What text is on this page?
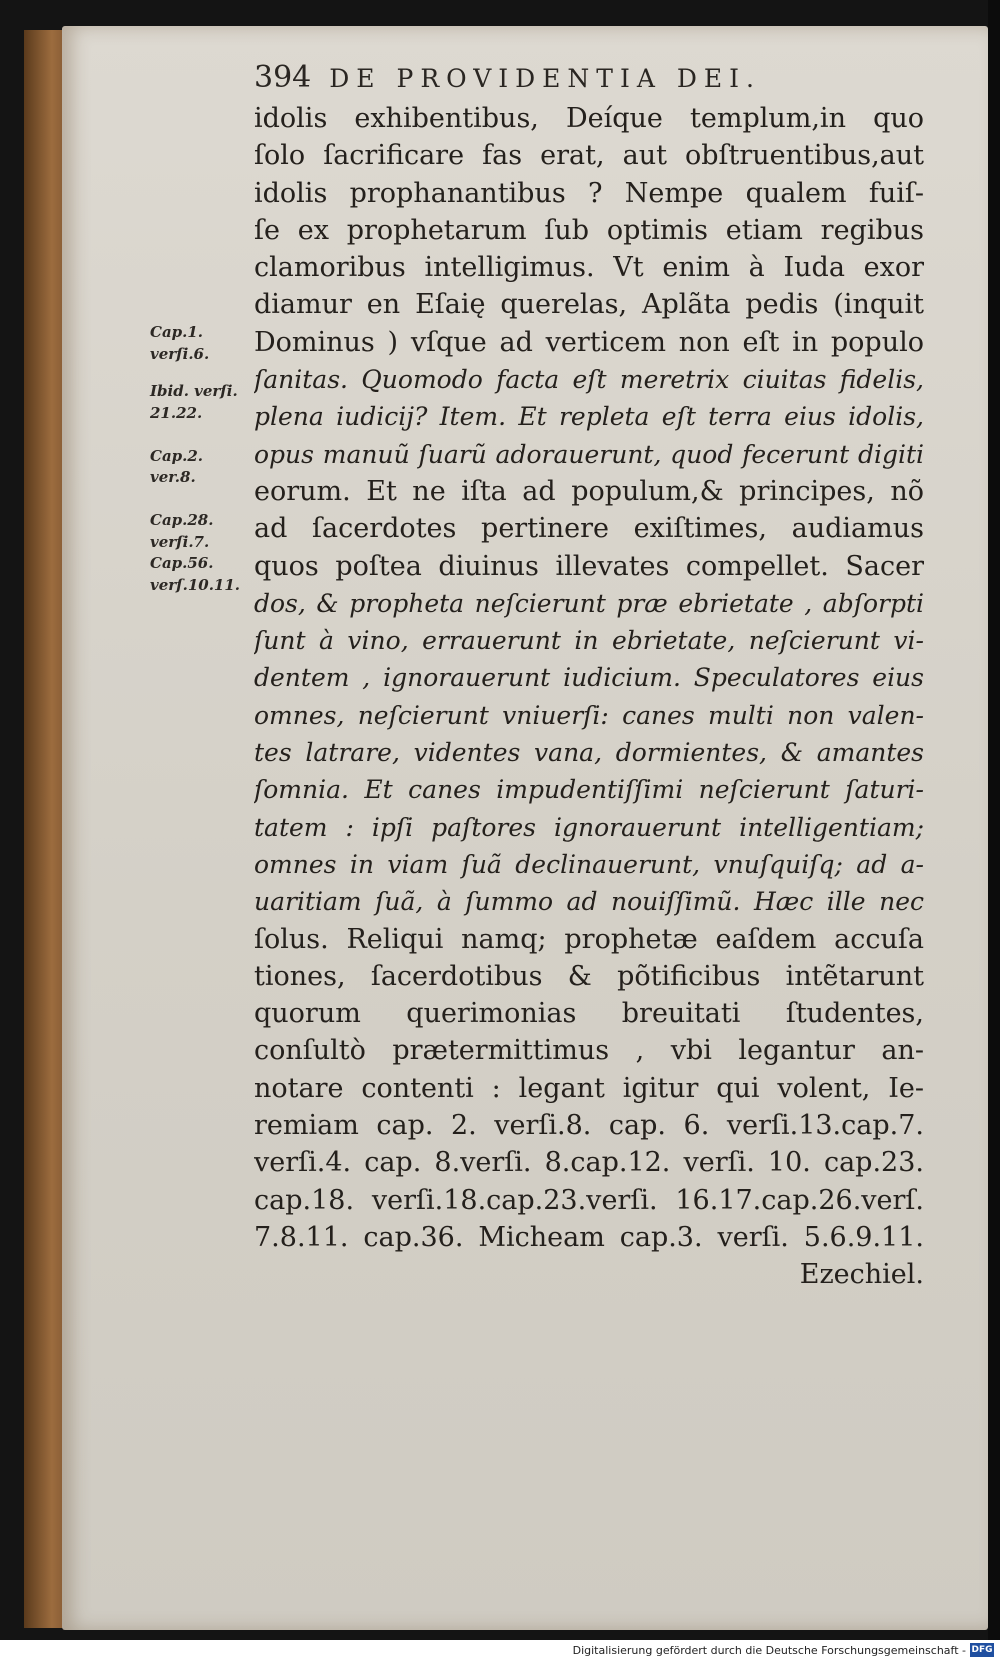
394 DE PROVIDENTIA DEI.
idolis exhibentibus, Deíque templum,in quo
ſolo ſacrificare fas erat, aut obſtruentibus,aut
idolis prophanantibus ? Nempe qualem fuiſ-
ſe ex prophetarum ſub optimis etiam regibus
clamoribus intelligimus. Vt enim à Iuda exor
diamur en Eſaię querelas, Aplãta pedis (inquit
Dominus ) vſque ad verticem non eſt in populo
ſanitas. Quomodo facta eſt meretrix ciuitas fidelis,
plena iudicij? Item. Et repleta eſt terra eius idolis,
opus manuũ ſuarũ adorauerunt, quod fecerunt digiti
eorum. Et ne iſta ad populum,& principes, nõ
ad ſacerdotes pertinere exiſtimes, audiamus
quos poſtea diuinus illevates compellet. Sacer
dos, & propheta neſcierunt præ ebrietate , abſorpti
ſunt à vino, errauerunt in ebrietate, neſcierunt vi-
dentem , ignorauerunt iudicium. Speculatores eius
omnes, neſcierunt vniuerſi: canes multi non valen-
tes latrare, videntes vana, dormientes, & amantes
ſomnia. Et canes impudentiſſimi neſcierunt ſaturi-
tatem : ipſi paſtores ignorauerunt intelligentiam;
omnes in viam ſuã declinauerunt, vnuſquiſq; ad a-
uaritiam ſuã, à ſummo ad nouiſſimũ. Hæc ille nec
ſolus. Reliqui namq; prophetæ eaſdem accuſa
tiones, ſacerdotibus & põtificibus intẽtarunt
quorum querimonias breuitati ſtudentes,
conſultò prætermittimus , vbi legantur an-
notare contenti : legant igitur qui volent, Ie-
remiam cap. 2. verſi.8. cap. 6. verſi.13.cap.7.
verſi.4. cap. 8.verſi. 8.cap.12. verſi. 10. cap.23.
cap.18. verſi.18.cap.23.verſi. 16.17.cap.26.verſ.
7.8.11. cap.36. Micheam cap.3. verſi. 5.6.9.11.
Ezechiel.
Cap.1.
verſi.6.
Ibid. verſi.
21.22.
Cap.2.
ver.8.
Cap.28.
verſi.7.
Cap.56.
verſ.10.11.
Digitalisierung gefördert durch die Deutsche Forschungsgemeinschaft - DFG
